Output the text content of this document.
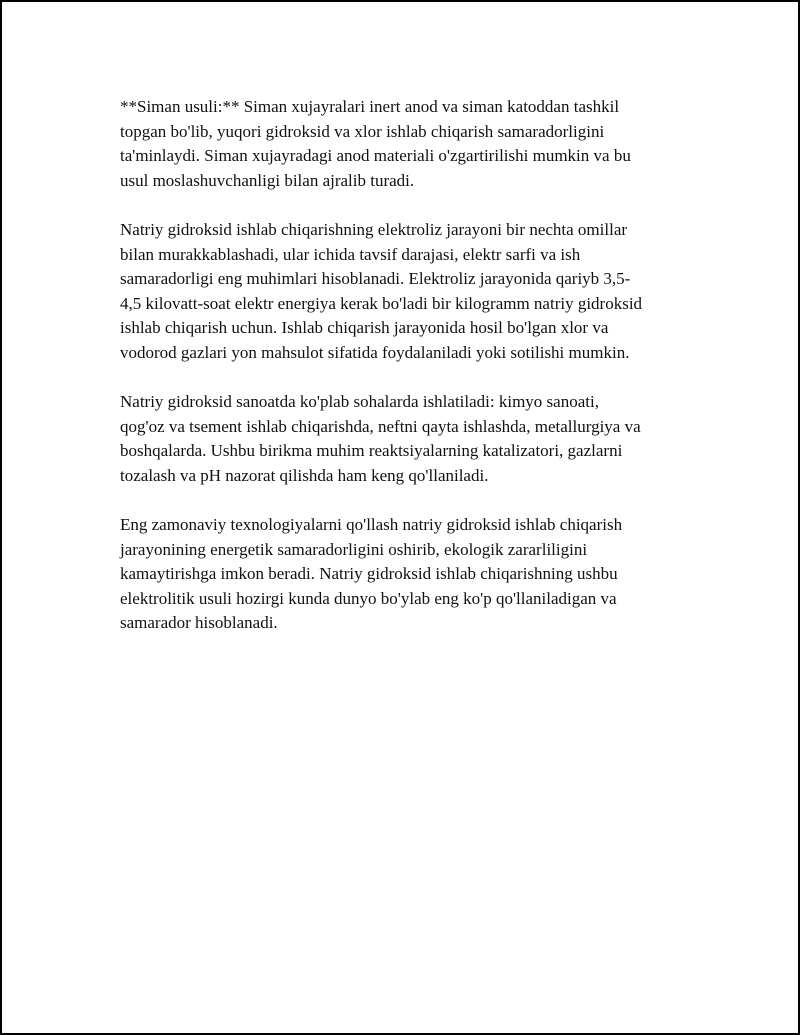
**Siman usuli:** Siman xujayralari inert anod va siman katoddan tashkil
topgan bo'lib, yuqori gidroksid va xlor ishlab chiqarish samaradorligini
ta'minlaydi. Siman xujayradagi anod materiali o'zgartirilishi mumkin va bu
usul moslashuvchanligi bilan ajralib turadi.

Natriy gidroksid ishlab chiqarishning elektroliz jarayoni bir nechta omillar
bilan murakkablashadi, ular ichida tavsif darajasi, elektr sarfi va ish
samaradorligi eng muhimlari hisoblanadi. Elektroliz jarayonida qariyb 3,5-
4,5 kilovatt-soat elektr energiya kerak bo'ladi bir kilogramm natriy gidroksid
ishlab chiqarish uchun. Ishlab chiqarish jarayonida hosil bo'lgan xlor va
vodorod gazlari yon mahsulot sifatida foydalaniladi yoki sotilishi mumkin.

Natriy gidroksid sanoatda ko'plab sohalarda ishlatiladi: kimyo sanoati,
qog'oz va tsement ishlab chiqarishda, neftni qayta ishlashda, metallurgiya va
boshqalarda. Ushbu birikma muhim reaktsiyalarning katalizatori, gazlarni
tozalash va pH nazorat qilishda ham keng qo'llaniladi.

Eng zamonaviy texnologiyalarni qo'llash natriy gidroksid ishlab chiqarish
jarayonining energetik samaradorligini oshirib, ekologik zararliligini
kamaytirishga imkon beradi. Natriy gidroksid ishlab chiqarishning ushbu
elektrolitik usuli hozirgi kunda dunyo bo'ylab eng ko'p qo'llaniladigan va
samarador hisoblanadi.
